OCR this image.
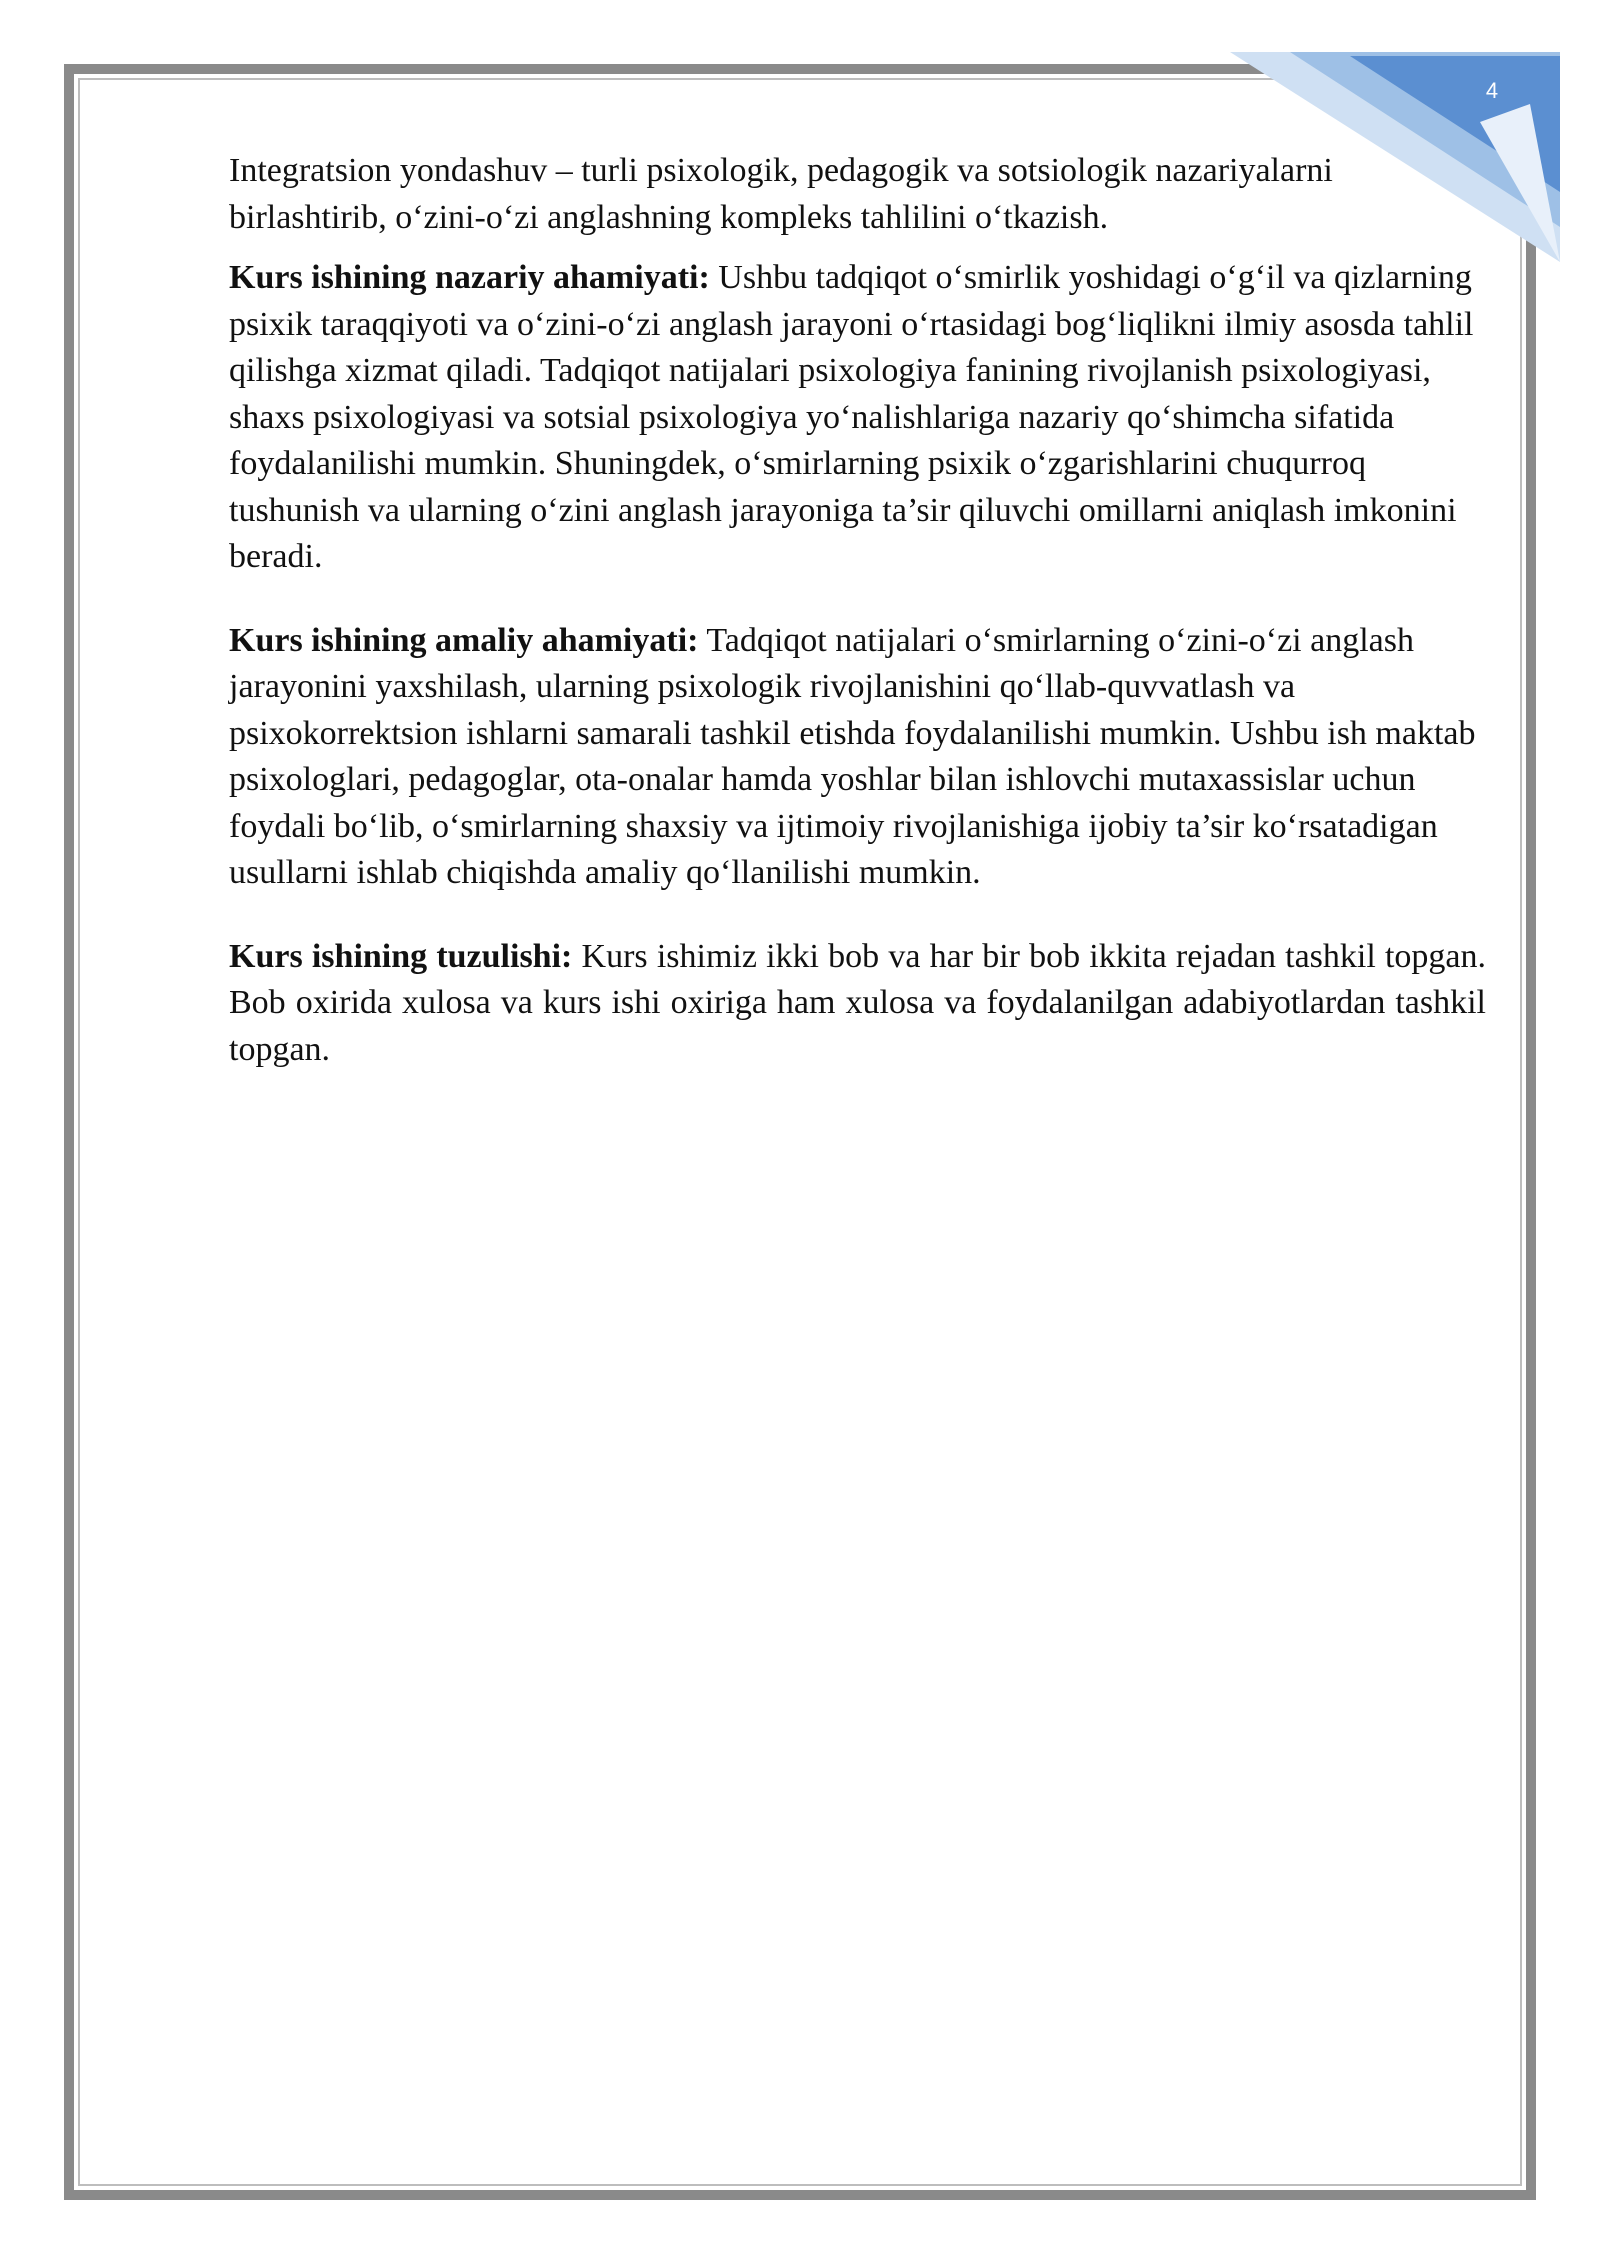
4

Integratsion yondashuv – turli psixologik, pedagogik va sotsiologik nazariyalarni birlashtirib, o‘zini-o‘zi anglashning kompleks tahlilini o‘tkazish.

Kurs ishining nazariy ahamiyati: Ushbu tadqiqot o‘smirlik yoshidagi o‘g‘il va qizlarning psixik taraqqiyoti va o‘zini-o‘zi anglash jarayoni o‘rtasidagi bog‘liqlikni ilmiy asosda tahlil qilishga xizmat qiladi. Tadqiqot natijalari psixologiya fanining rivojlanish psixologiyasi, shaxs psixologiyasi va sotsial psixologiya yo‘nalishlariga nazariy qo‘shimcha sifatida foydalanilishi mumkin. Shuningdek, o‘smirlarning psixik o‘zgarishlarini chuqurroq tushunish va ularning o‘zini anglash jarayoniga ta’sir qiluvchi omillarni aniqlash imkonini beradi.

Kurs ishining amaliy ahamiyati: Tadqiqot natijalari o‘smirlarning o‘zini-o‘zi anglash jarayonini yaxshilash, ularning psixologik rivojlanishini qo‘llab-quvvatlash va psixokorrektsion ishlarni samarali tashkil etishda foydalanilishi mumkin. Ushbu ish maktab psixologlari, pedagoglar, ota-onalar hamda yoshlar bilan ishlovchi mutaxassislar uchun foydali bo‘lib, o‘smirlarning shaxsiy va ijtimoiy rivojlanishiga ijobiy ta’sir ko‘rsatadigan usullarni ishlab chiqishda amaliy qo‘llanilishi mumkin.

Kurs ishining tuzulishi: Kurs ishimiz ikki bob va har bir bob ikkita rejadan tashkil topgan. Bob oxirida xulosa va kurs ishi oxiriga ham xulosa va foydalanilgan adabiyotlardan tashkil topgan.
